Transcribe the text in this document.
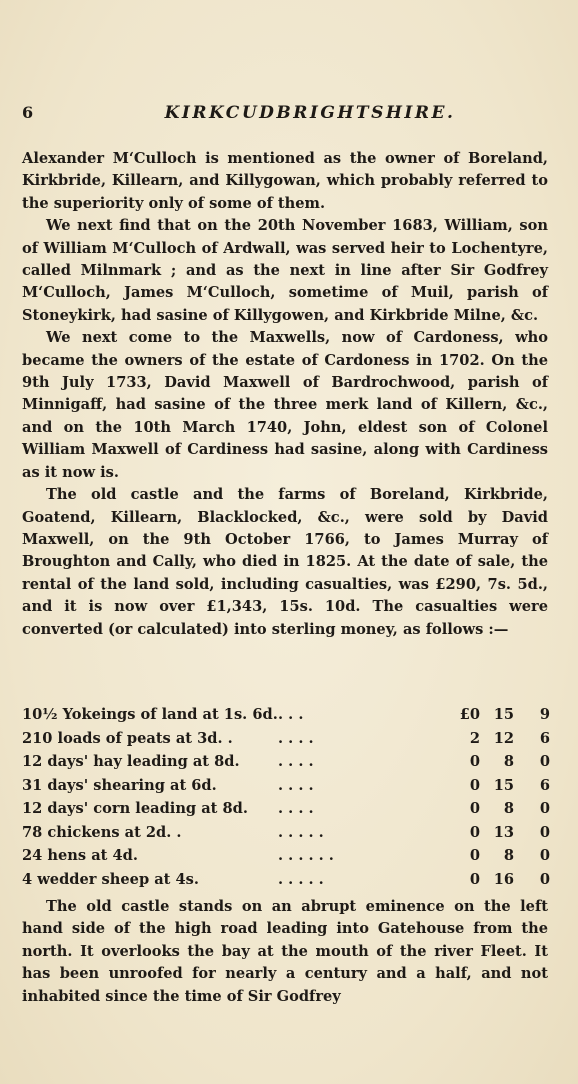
6	KIRKCUDBRIGHTSHIRE.

Alexander M‘Culloch is mentioned as the owner of Boreland, Kirkbride, Killearn, and Killygowan, which probably referred to the superiority only of some of them.

We next find that on the 20th November 1683, William, son of William M‘Culloch of Ardwall, was served heir to Lochentyre, called Milnmark ; and as the next in line after Sir Godfrey M‘Culloch, James M‘Culloch, sometime of Muil, parish of Stoneykirk, had sasine of Killygowen, and Kirkbride Milne, &c.

We next come to the Maxwells, now of Cardoness, who became the owners of the estate of Cardoness in 1702. On the 9th July 1733, David Maxwell of Bardrochwood, parish of Minnigaff, had sasine of the three merk land of Killern, &c., and on the 10th March 1740, John, eldest son of Colonel William Maxwell of Cardiness had sasine, along with Cardiness as it now is.

The old castle and the farms of Boreland, Kirkbride, Goatend, Killearn, Blacklocked, &c., were sold by David Maxwell, on the 9th October 1766, to James Murray of Broughton and Cally, who died in 1825. At the date of sale, the rental of the land sold, including casualties, was £290, 7s. 5d., and it is now over £1,343, 15s. 10d. The casualties were converted (or calculated) into sterling money, as follows :—

10½ Yokeings of land at 1s. 6d.	. . .	£0	15	9
210 loads of peats at 3d. .	. . . .	2	12	6
12 days' hay leading at 8d.	. . . .	0	8	0
31 days' shearing at 6d.	. . . .	0	15	6
12 days' corn leading at 8d.	. . . .	0	8	0
78 chickens at 2d. .	. . . . .	0	13	0
24 hens at 4d.	. . . . . .	0	8	0
4 wedder sheep at 4s.	. . . . .	0	16	0

The old castle stands on an abrupt eminence on the left hand side of the high road leading into Gatehouse from the north. It overlooks the bay at the mouth of the river Fleet. It has been unroofed for nearly a century and a half, and not inhabited since the time of Sir Godfrey
